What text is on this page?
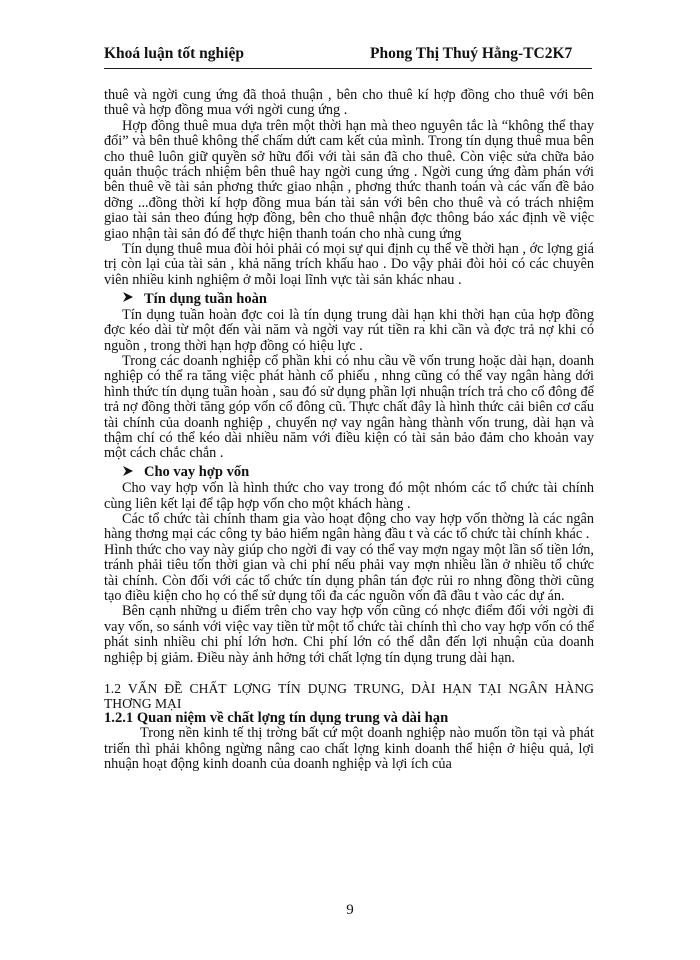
Khoá luận tốt nghiệp	Phong Thị Thuý Hằng-TC2K7

thuê và ngời cung ứng đã thoả thuận , bên cho thuê kí hợp đồng cho thuê với bên thuê và hợp đồng mua với ngời cung ứng .

Hợp đồng thuê mua dựa trên một thời hạn mà theo nguyên tắc là “không thể thay đổi” và bên thuê không thể chấm dứt cam kết của mình. Trong tín dụng thuê mua bên cho thuê luôn giữ quyền sở hữu đối với tài sản đã cho thuê. Còn việc sửa chữa bảo quản thuộc trách nhiệm bên thuê hay ngời cung ứng . Ngời cung ứng đàm phán với bên thuê về tài sản phơng thức giao nhận , phơng thức thanh toán và các vấn đề bảo dỡng ...đồng thời kí hợp đồng mua bán tài sản với bên cho thuê và có trách nhiệm giao tài sản theo đúng hợp đồng, bên cho thuê nhận đợc thông báo xác định về việc giao nhận tài sản đó để thực hiện thanh toán cho nhà cung ứng

Tín dụng thuê mua đòi hỏi phải có mọi sự qui định cụ thể về thời hạn , ớc lợng giá trị còn lại của tài sản , khả năng trích khấu hao . Do vậy phải đòi hỏi có các chuyên viên nhiều kinh nghiệm ở mỗi loại lĩnh vực tài sản khác nhau .

Tín dụng tuần hoàn

Tín dụng tuần hoàn đợc coi là tín dụng trung dài hạn khi thời hạn của hợp đồng đợc kéo dài từ một đến vài năm và ngời vay rút tiền ra khi cần và đợc trả nợ khi có nguồn , trong thời hạn hợp đồng có hiệu lực .

Trong các doanh nghiệp cổ phần khi có nhu cầu về vốn trung hoặc dài hạn, doanh nghiệp có thể ra tăng việc phát hành cổ phiếu , nhng cũng có thể vay ngân hàng dới hình thức tín dụng tuần hoàn , sau đó sử dụng phần lợi nhuận trích trả cho cổ đông để trả nợ đồng thời tăng góp vốn cổ đông cũ. Thực chất đây là hình thức cải biên cơ cấu tài chính của doanh nghiệp , chuyển nợ vay ngân hàng thành vốn trung, dài hạn và thậm chí có thể kéo dài nhiều năm với điều kiện có tài sản bảo đảm cho khoản vay một cách chắc chắn .

Cho vay hợp vốn

Cho vay hợp vốn là hình thức cho vay trong đó một nhóm các tổ chức tài chính cùng liên kết lại để tập hợp vốn cho một khách hàng .

Các tổ chức tài chính tham gia vào hoạt động cho vay hợp vốn thờng là các ngân hàng thơng mại các công ty bảo hiểm ngân hàng đầu t và các tổ chức tài chính khác .

Hình thức cho vay này giúp cho ngời đi vay có thể vay mợn ngay một lần số tiền lớn, tránh phải tiêu tốn thời gian và chi phí nếu phải vay mợn nhiều lần ở nhiều tổ chức tài chính. Còn đối với các tổ chức tín dụng phân tán đợc rủi ro nhng đồng thời cũng tạo điều kiện cho họ có thể sử dụng tối đa các nguồn vốn đã đầu t vào các dự án.

Bên cạnh những u điểm trên cho vay hợp vốn cũng có nhợc điểm đối với ngời đi vay vốn, so sánh với việc vay tiền từ một tổ chức tài chính thì cho vay hợp vốn có thể phát sinh nhiều chi phí lớn hơn. Chi phí lớn có thể dẫn đến lợi nhuận của doanh nghiệp bị giảm. Điều này ảnh hởng tới chất lợng tín dụng trung dài hạn.

1.2 VẤN ĐỀ CHẤT LỢNG TÍN DỤNG TRUNG, DÀI HẠN TẠI NGÂN HÀNG THƠNG MẠI

1.2.1 Quan niệm về chất lợng tín dụng trung và dài hạn

Trong nền kinh tế thị trờng bất cứ một doanh nghiệp nào muốn tồn tại và phát triển thì phải không ngừng nâng cao chất lợng kinh doanh thể hiện ở hiệu quả, lợi nhuận hoạt động kinh doanh của doanh nghiệp và lợi ích của

9
